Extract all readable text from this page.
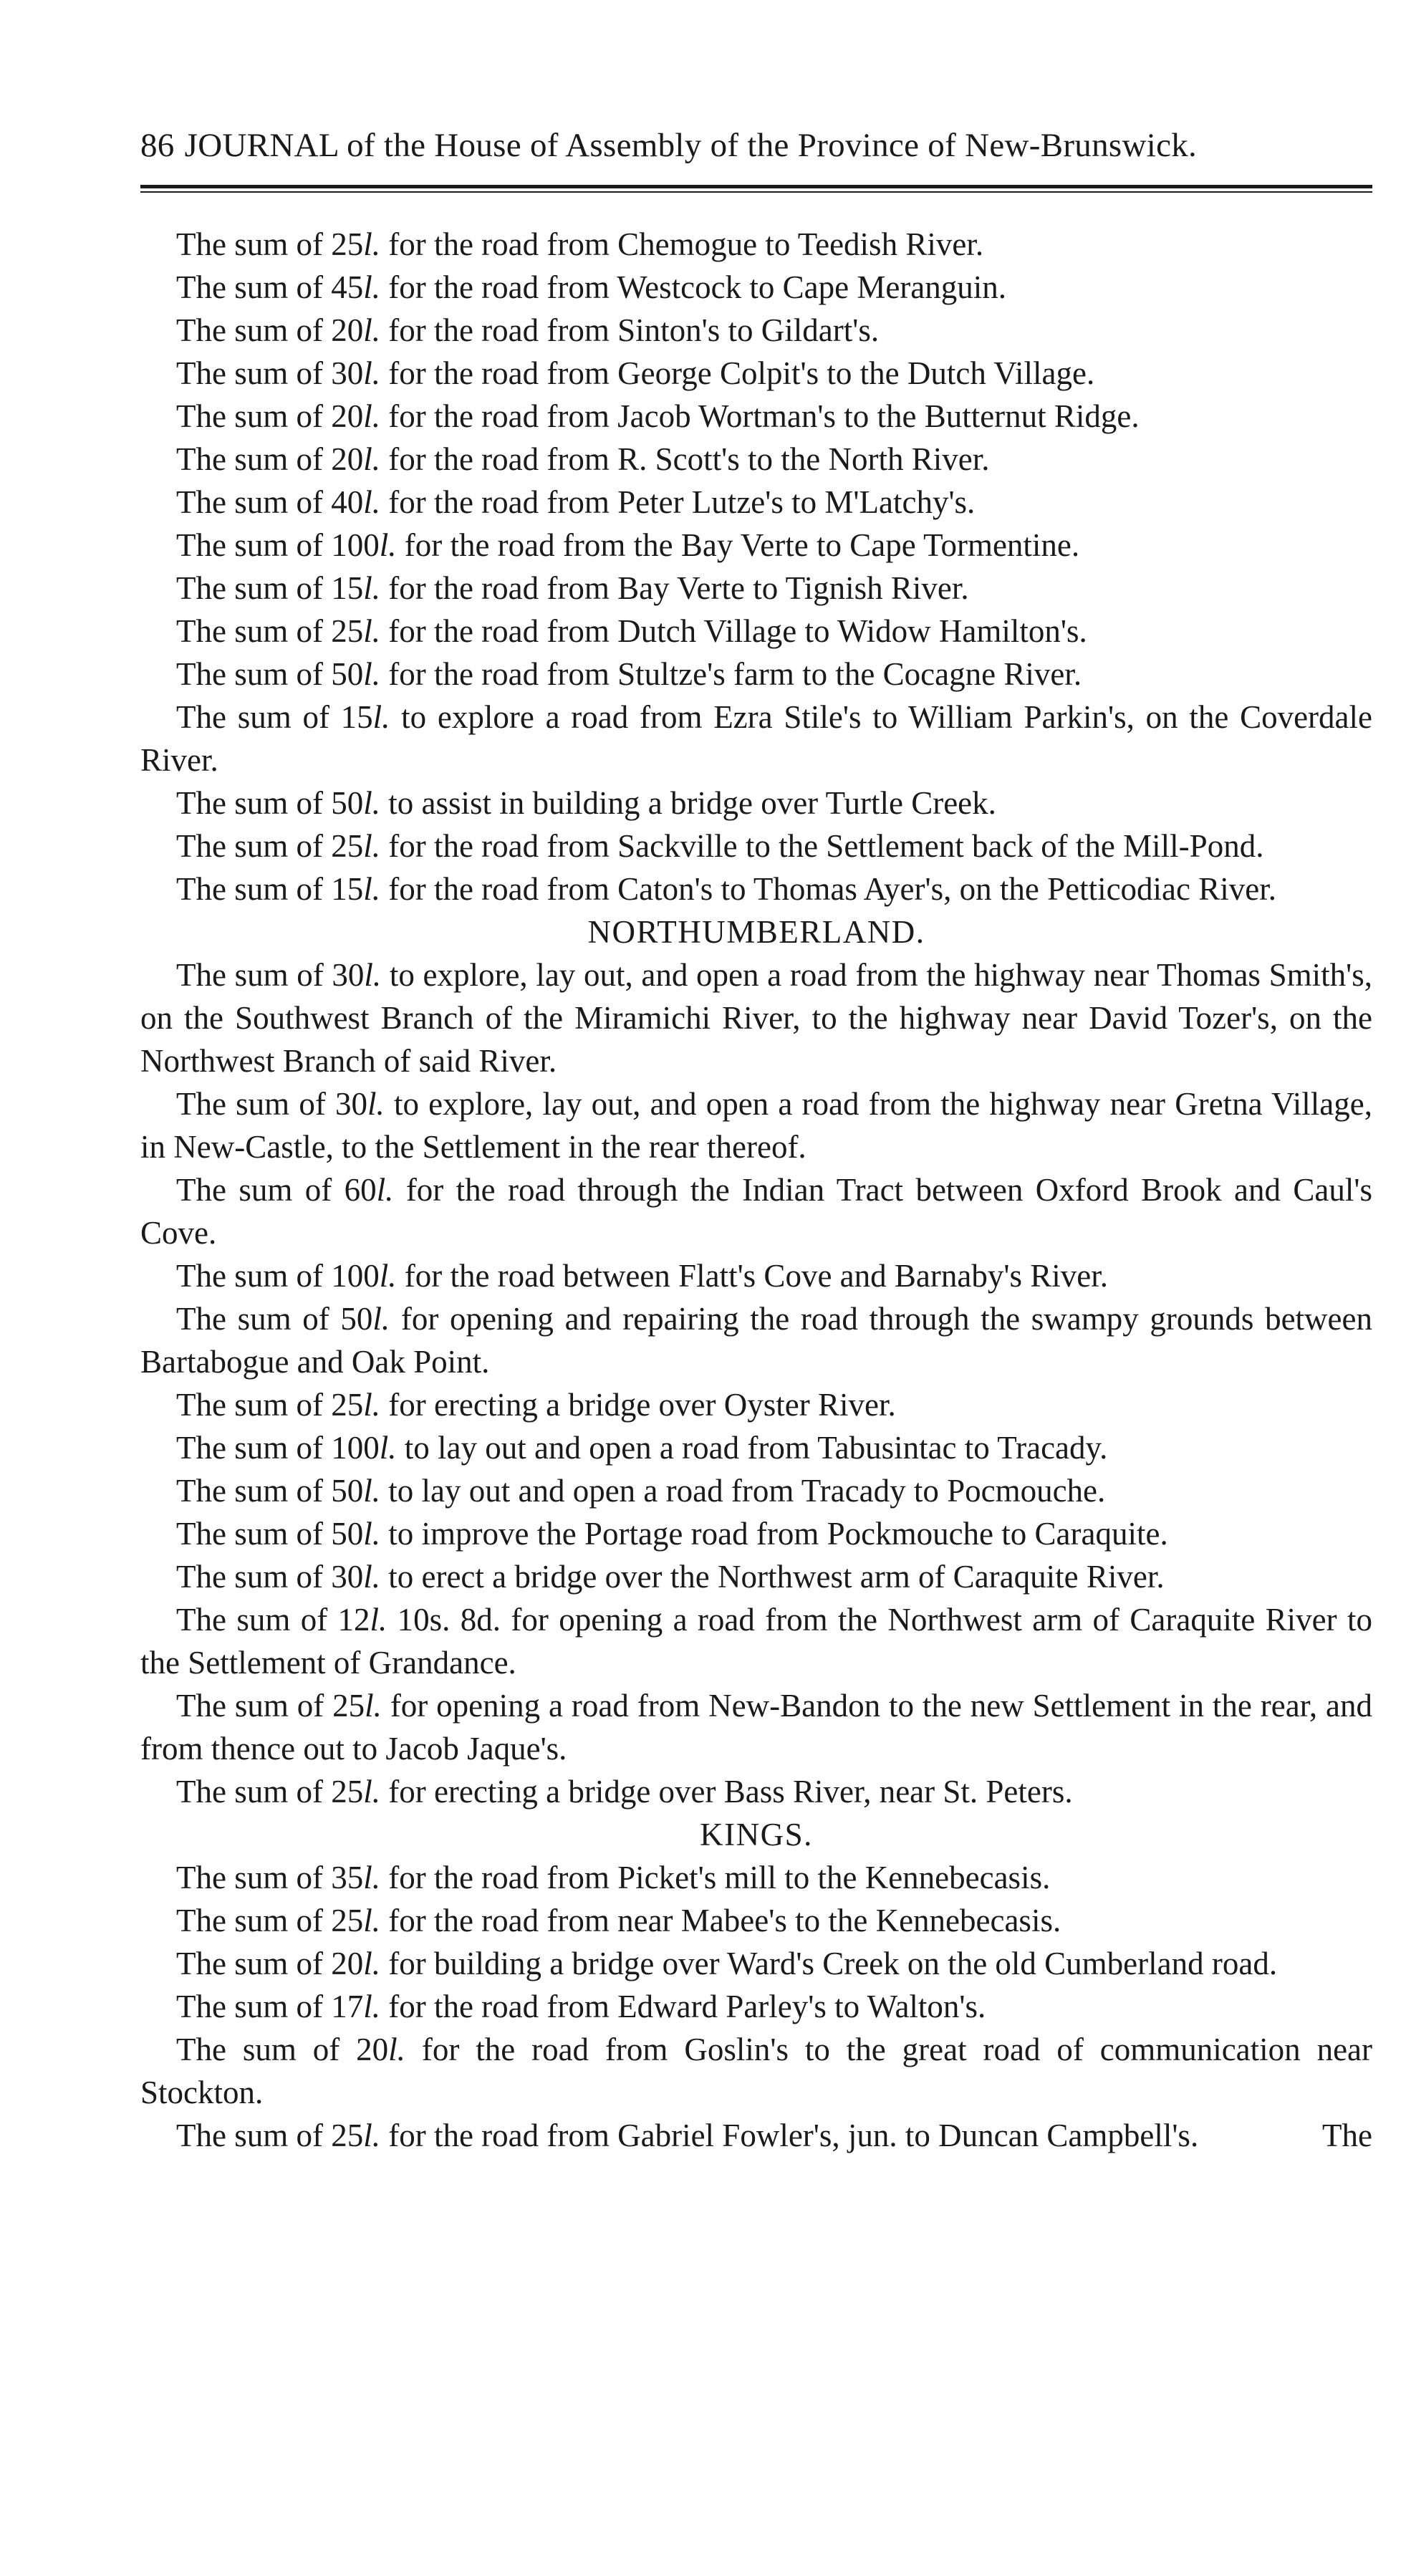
86 JOURNAL of the House of Assembly of the Province of New-Brunswick.

The sum of 25l. for the road from Chemogue to Teedish River.

The sum of 45l. for the road from Westcock to Cape Meranguin.

The sum of 20l. for the road from Sinton's to Gildart's.

The sum of 30l. for the road from George Colpit's to the Dutch Village.

The sum of 20l. for the road from Jacob Wortman's to the Butternut Ridge.

The sum of 20l. for the road from R. Scott's to the North River.

The sum of 40l. for the road from Peter Lutze's to M'Latchy's.

The sum of 100l. for the road from the Bay Verte to Cape Tormentine.

The sum of 15l. for the road from Bay Verte to Tignish River.

The sum of 25l. for the road from Dutch Village to Widow Hamilton's.

The sum of 50l. for the road from Stultze's farm to the Cocagne River.

The sum of 15l. to explore a road from Ezra Stile's to William Parkin's, on the Coverdale River.

The sum of 50l. to assist in building a bridge over Turtle Creek.

The sum of 25l. for the road from Sackville to the Settlement back of the Mill-Pond.

The sum of 15l. for the road from Caton's to Thomas Ayer's, on the Petticodiac River.

NORTHUMBERLAND.

The sum of 30l. to explore, lay out, and open a road from the highway near Thomas Smith's, on the Southwest Branch of the Miramichi River, to the highway near David Tozer's, on the Northwest Branch of said River.

The sum of 30l. to explore, lay out, and open a road from the highway near Gretna Village, in New-Castle, to the Settlement in the rear thereof.

The sum of 60l. for the road through the Indian Tract between Oxford Brook and Caul's Cove.

The sum of 100l. for the road between Flatt's Cove and Barnaby's River.

The sum of 50l. for opening and repairing the road through the swampy grounds between Bartabogue and Oak Point.

The sum of 25l. for erecting a bridge over Oyster River.

The sum of 100l. to lay out and open a road from Tabusintac to Tracady.

The sum of 50l. to lay out and open a road from Tracady to Pocmouche.

The sum of 50l. to improve the Portage road from Pockmouche to Caraquite.

The sum of 30l. to erect a bridge over the Northwest arm of Caraquite River.

The sum of 12l. 10s. 8d. for opening a road from the Northwest arm of Caraquite River to the Settlement of Grandance.

The sum of 25l. for opening a road from New-Bandon to the new Settlement in the rear, and from thence out to Jacob Jaque's.

The sum of 25l. for erecting a bridge over Bass River, near St. Peters.

KINGS.

The sum of 35l. for the road from Picket's mill to the Kennebecasis.

The sum of 25l. for the road from near Mabee's to the Kennebecasis.

The sum of 20l. for building a bridge over Ward's Creek on the old Cumberland road.

The sum of 17l. for the road from Edward Parley's to Walton's.

The sum of 20l. for the road from Goslin's to the great road of communication near Stockton.

The sum of 25l. for the road from Gabriel Fowler's, jun. to Duncan Campbell's.	The
